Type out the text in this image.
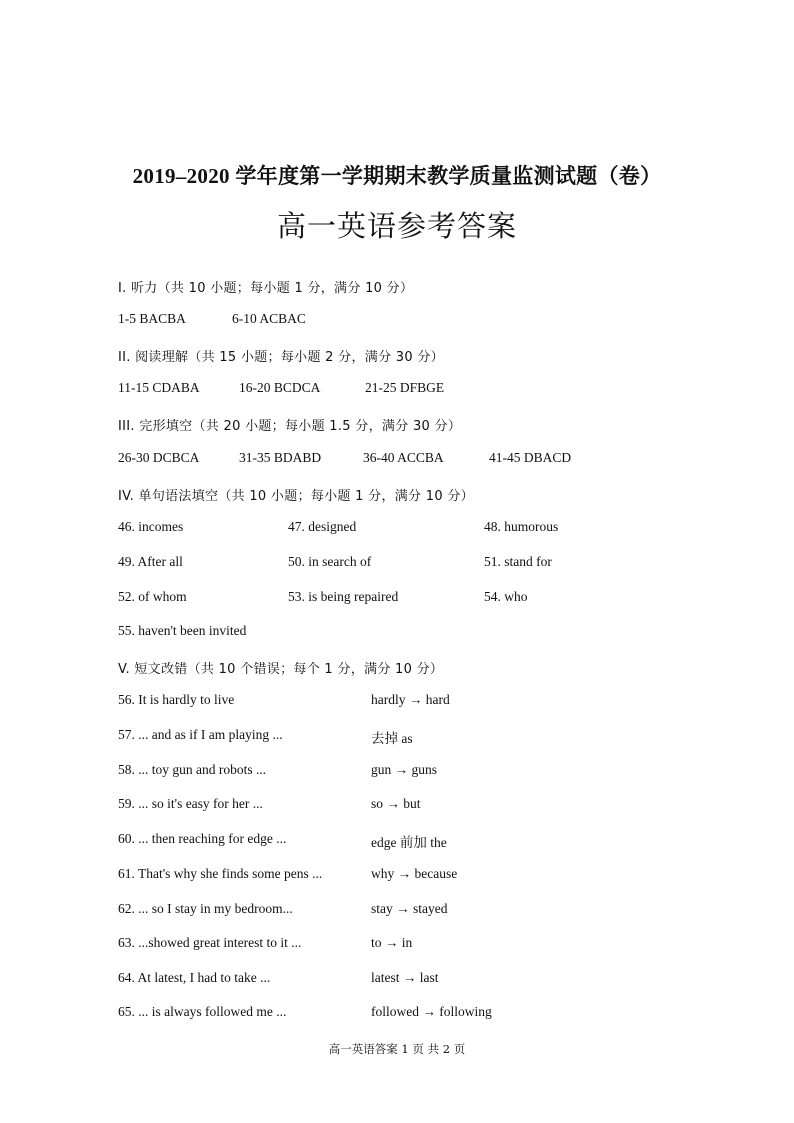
2019–2020 学年度第一学期期末教学质量监测试题（卷）
高一英语参考答案
I. 听力（共 10 小题；每小题 1 分，满分 10 分）
1-5 BACBA	6-10 ACBAC
II. 阅读理解（共 15 小题；每小题 2 分，满分 30 分）
11-15 CDABA	16-20 BCDCA	21-25 DFBGE
III. 完形填空（共 20 小题；每小题 1.5 分，满分 30 分）
26-30 DCBCA	31-35 BDABD	36-40 ACCBA	41-45 DBACD
IV. 单句语法填空（共 10 小题；每小题 1 分，满分 10 分）
46. incomes	47. designed	48. humorous
49. After all	50. in search of	51. stand for
52. of whom	53. is being repaired	54. who
55. haven't been invited
V. 短文改错（共 10 个错误；每个 1 分，满分 10 分）
56. It is hardly to live	hardly → hard
57. ... and as if I am playing ...	去掉 as
58. ... toy gun and robots ...	gun → guns
59. ... so it's easy for her ...	so → but
60. ... then reaching for edge ...	edge 前加 the
61. That's why she finds some pens ...	why → because
62. ... so I stay in my bedroom...	stay → stayed
63. ...showed great interest to it ...	to → in
64. At latest, I had to take ...	latest → last
65. ... is always followed me ...	followed → following
高一英语答案 1 页 共 2 页
